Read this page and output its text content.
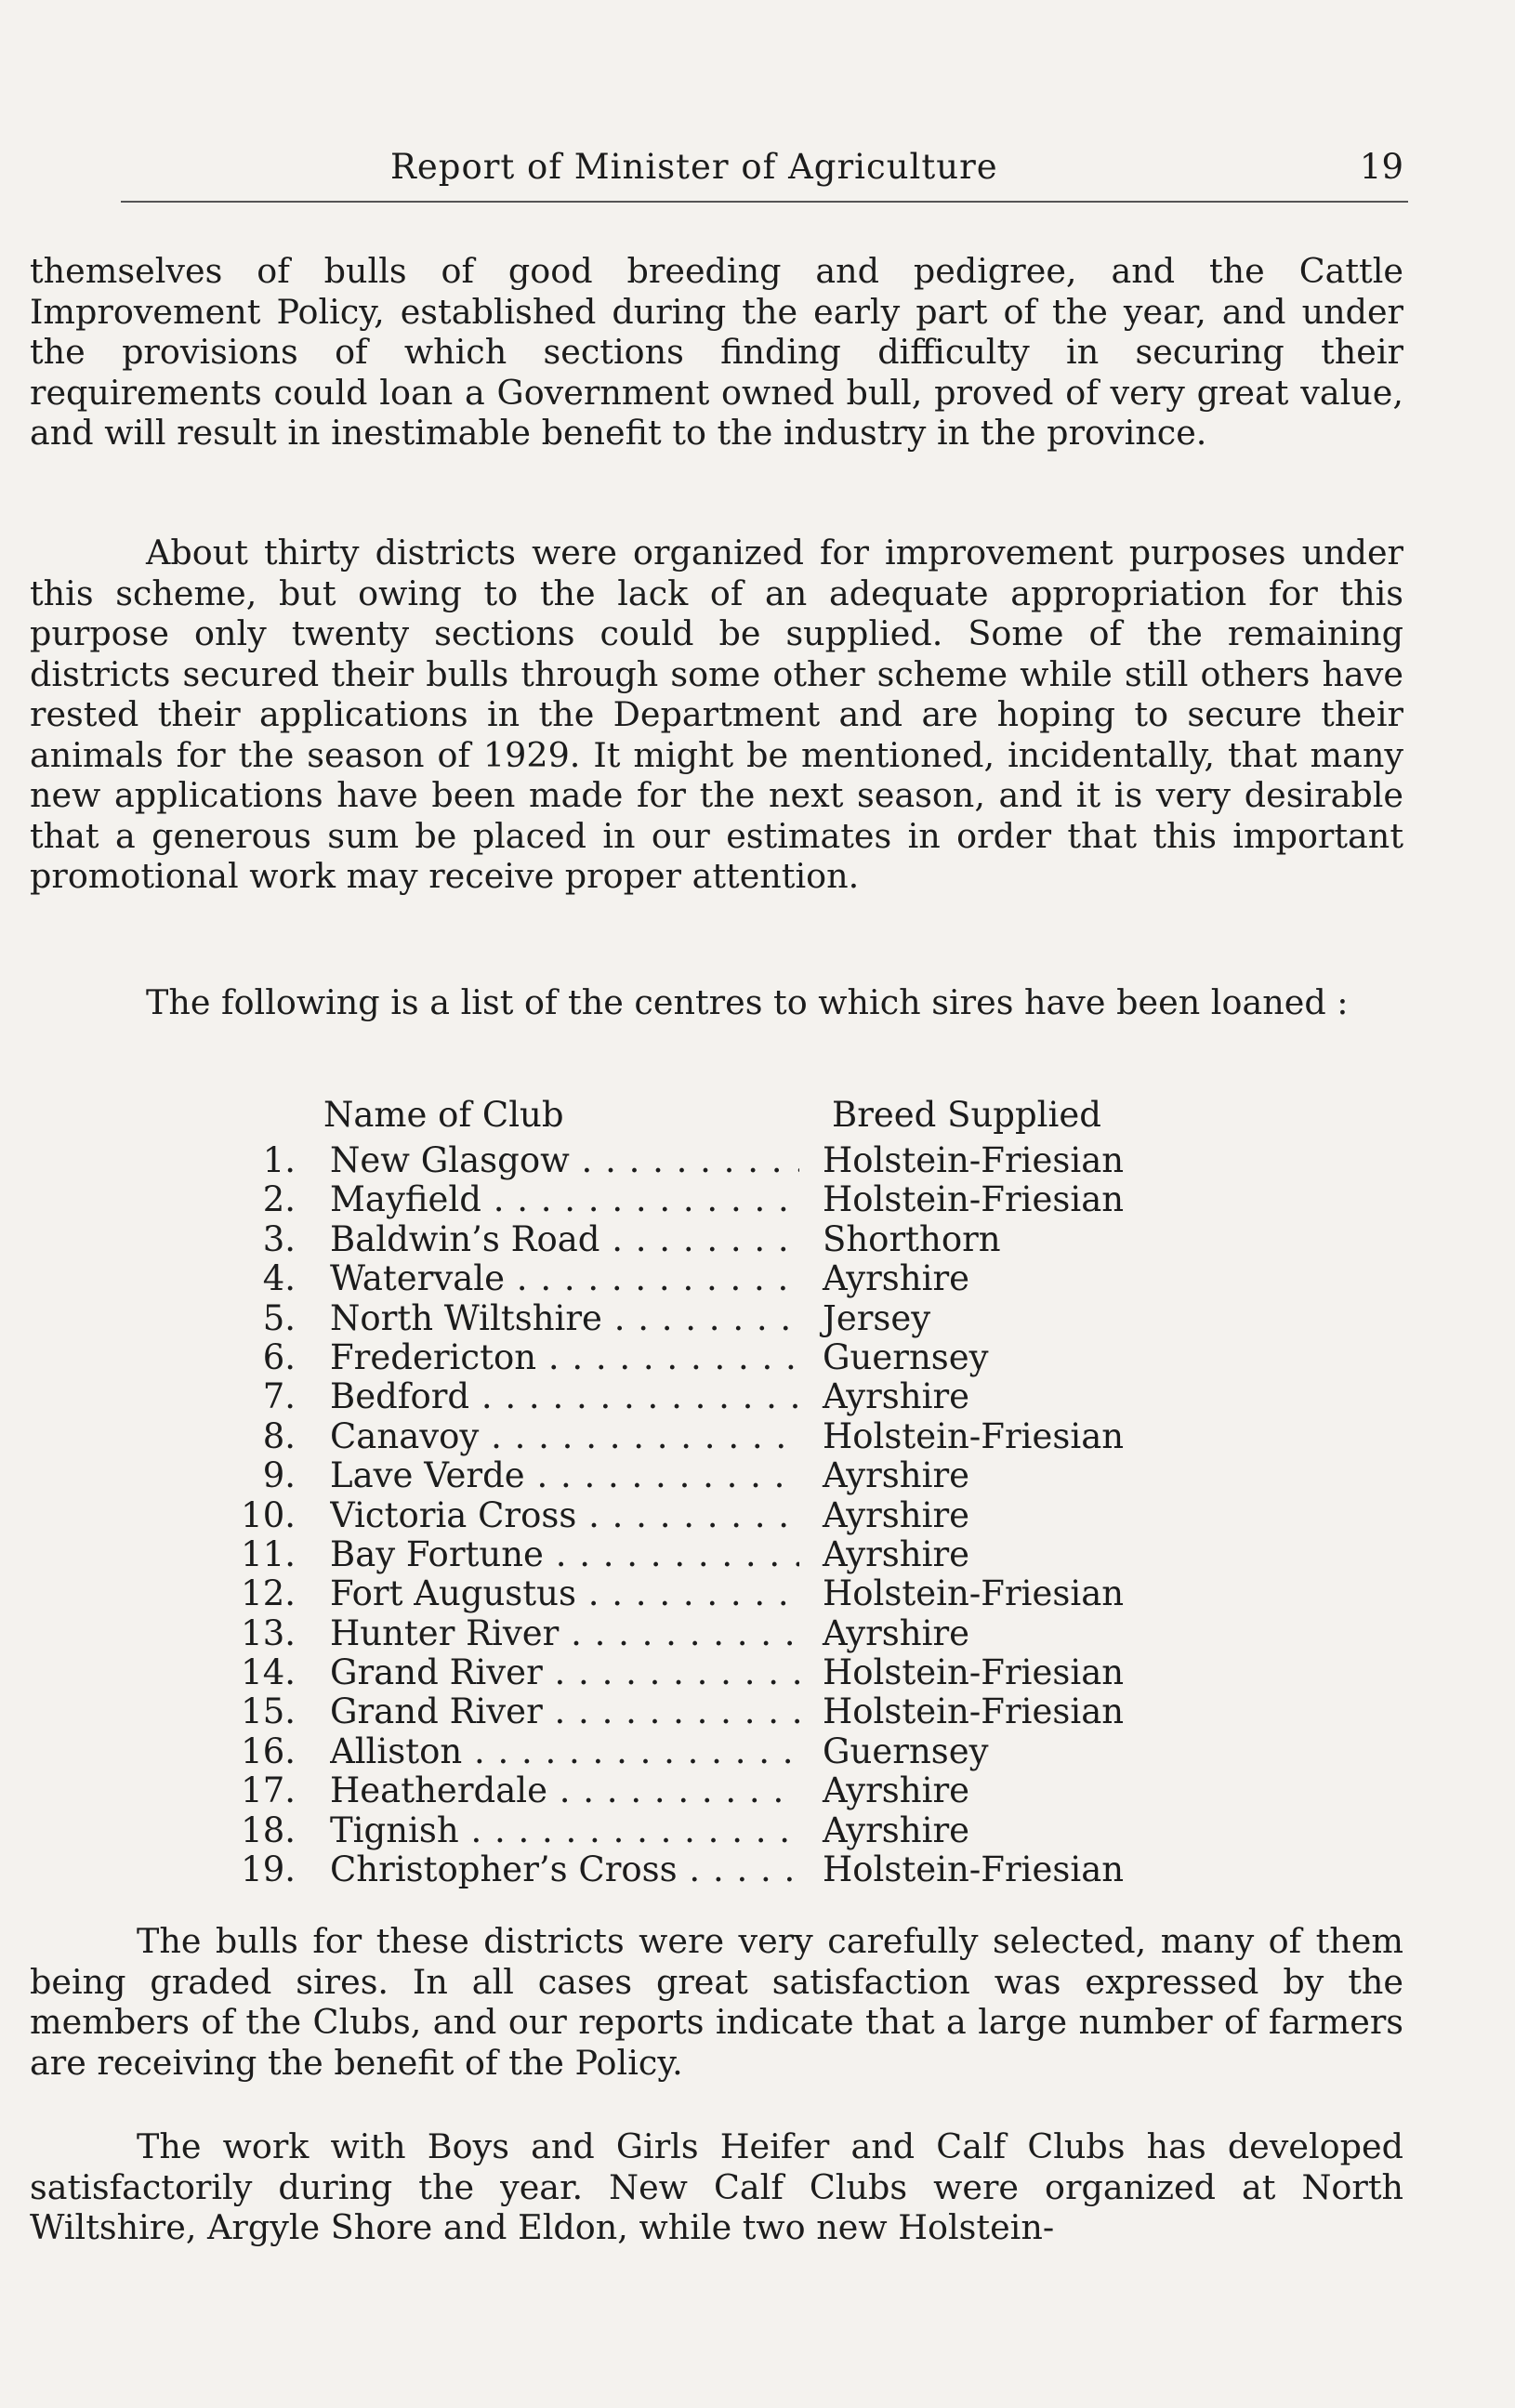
Report of Minister of Agriculture	19

themselves of bulls of good breeding and pedigree, and the Cattle Improvement Policy, established during the early part of the year, and under the provisions of which sections finding difficulty in securing their requirements could loan a Government owned bull, proved of very great value, and will result in inestimable benefit to the industry in the province.

About thirty districts were organized for improvement purposes under this scheme, but owing to the lack of an adequate appropriation for this purpose only twenty sections could be supplied. Some of the remaining districts secured their bulls through some other scheme while still others have rested their applications in the Department and are hoping to secure their animals for the season of 1929. It might be mentioned, incidentally, that many new applications have been made for the next season, and it is very desirable that a generous sum be placed in our estimates in order that this important promotional work may receive proper attention.

The following is a list of the centres to which sires have been loaned :

Name of Club	Breed Supplied
1. New Glasgow . . .	Holstein-Friesian
2. Mayfield . . .	Holstein-Friesian
3. Baldwin’s Road . . .	Shorthorn
4. Watervale . . .	Ayrshire
5. North Wiltshire . . .	Jersey
6. Fredericton . . .	Guernsey
7. Bedford . . .	Ayrshire
8. Canavoy . . .	Holstein-Friesian
9. Lave Verde . . .	Ayrshire
10. Victoria Cross . . .	Ayrshire
11. Bay Fortune . . .	Ayrshire
12. Fort Augustus . . .	Holstein-Friesian
13. Hunter River . . .	Ayrshire
14. Grand River . . .	Holstein-Friesian
15. Grand River . . .	Holstein-Friesian
16. Alliston . . .	Guernsey
17. Heatherdale . . .	Ayrshire
18. Tignish . . .	Ayrshire
19. Christopher’s Cross . . .	Holstein-Friesian

The bulls for these districts were very carefully selected, many of them being graded sires. In all cases great satisfaction was expressed by the members of the Clubs, and our reports indicate that a large number of farmers are receiving the benefit of the Policy.

The work with Boys and Girls Heifer and Calf Clubs has developed satisfactorily during the year. New Calf Clubs were organized at North Wiltshire, Argyle Shore and Eldon, while two new Holstein-
